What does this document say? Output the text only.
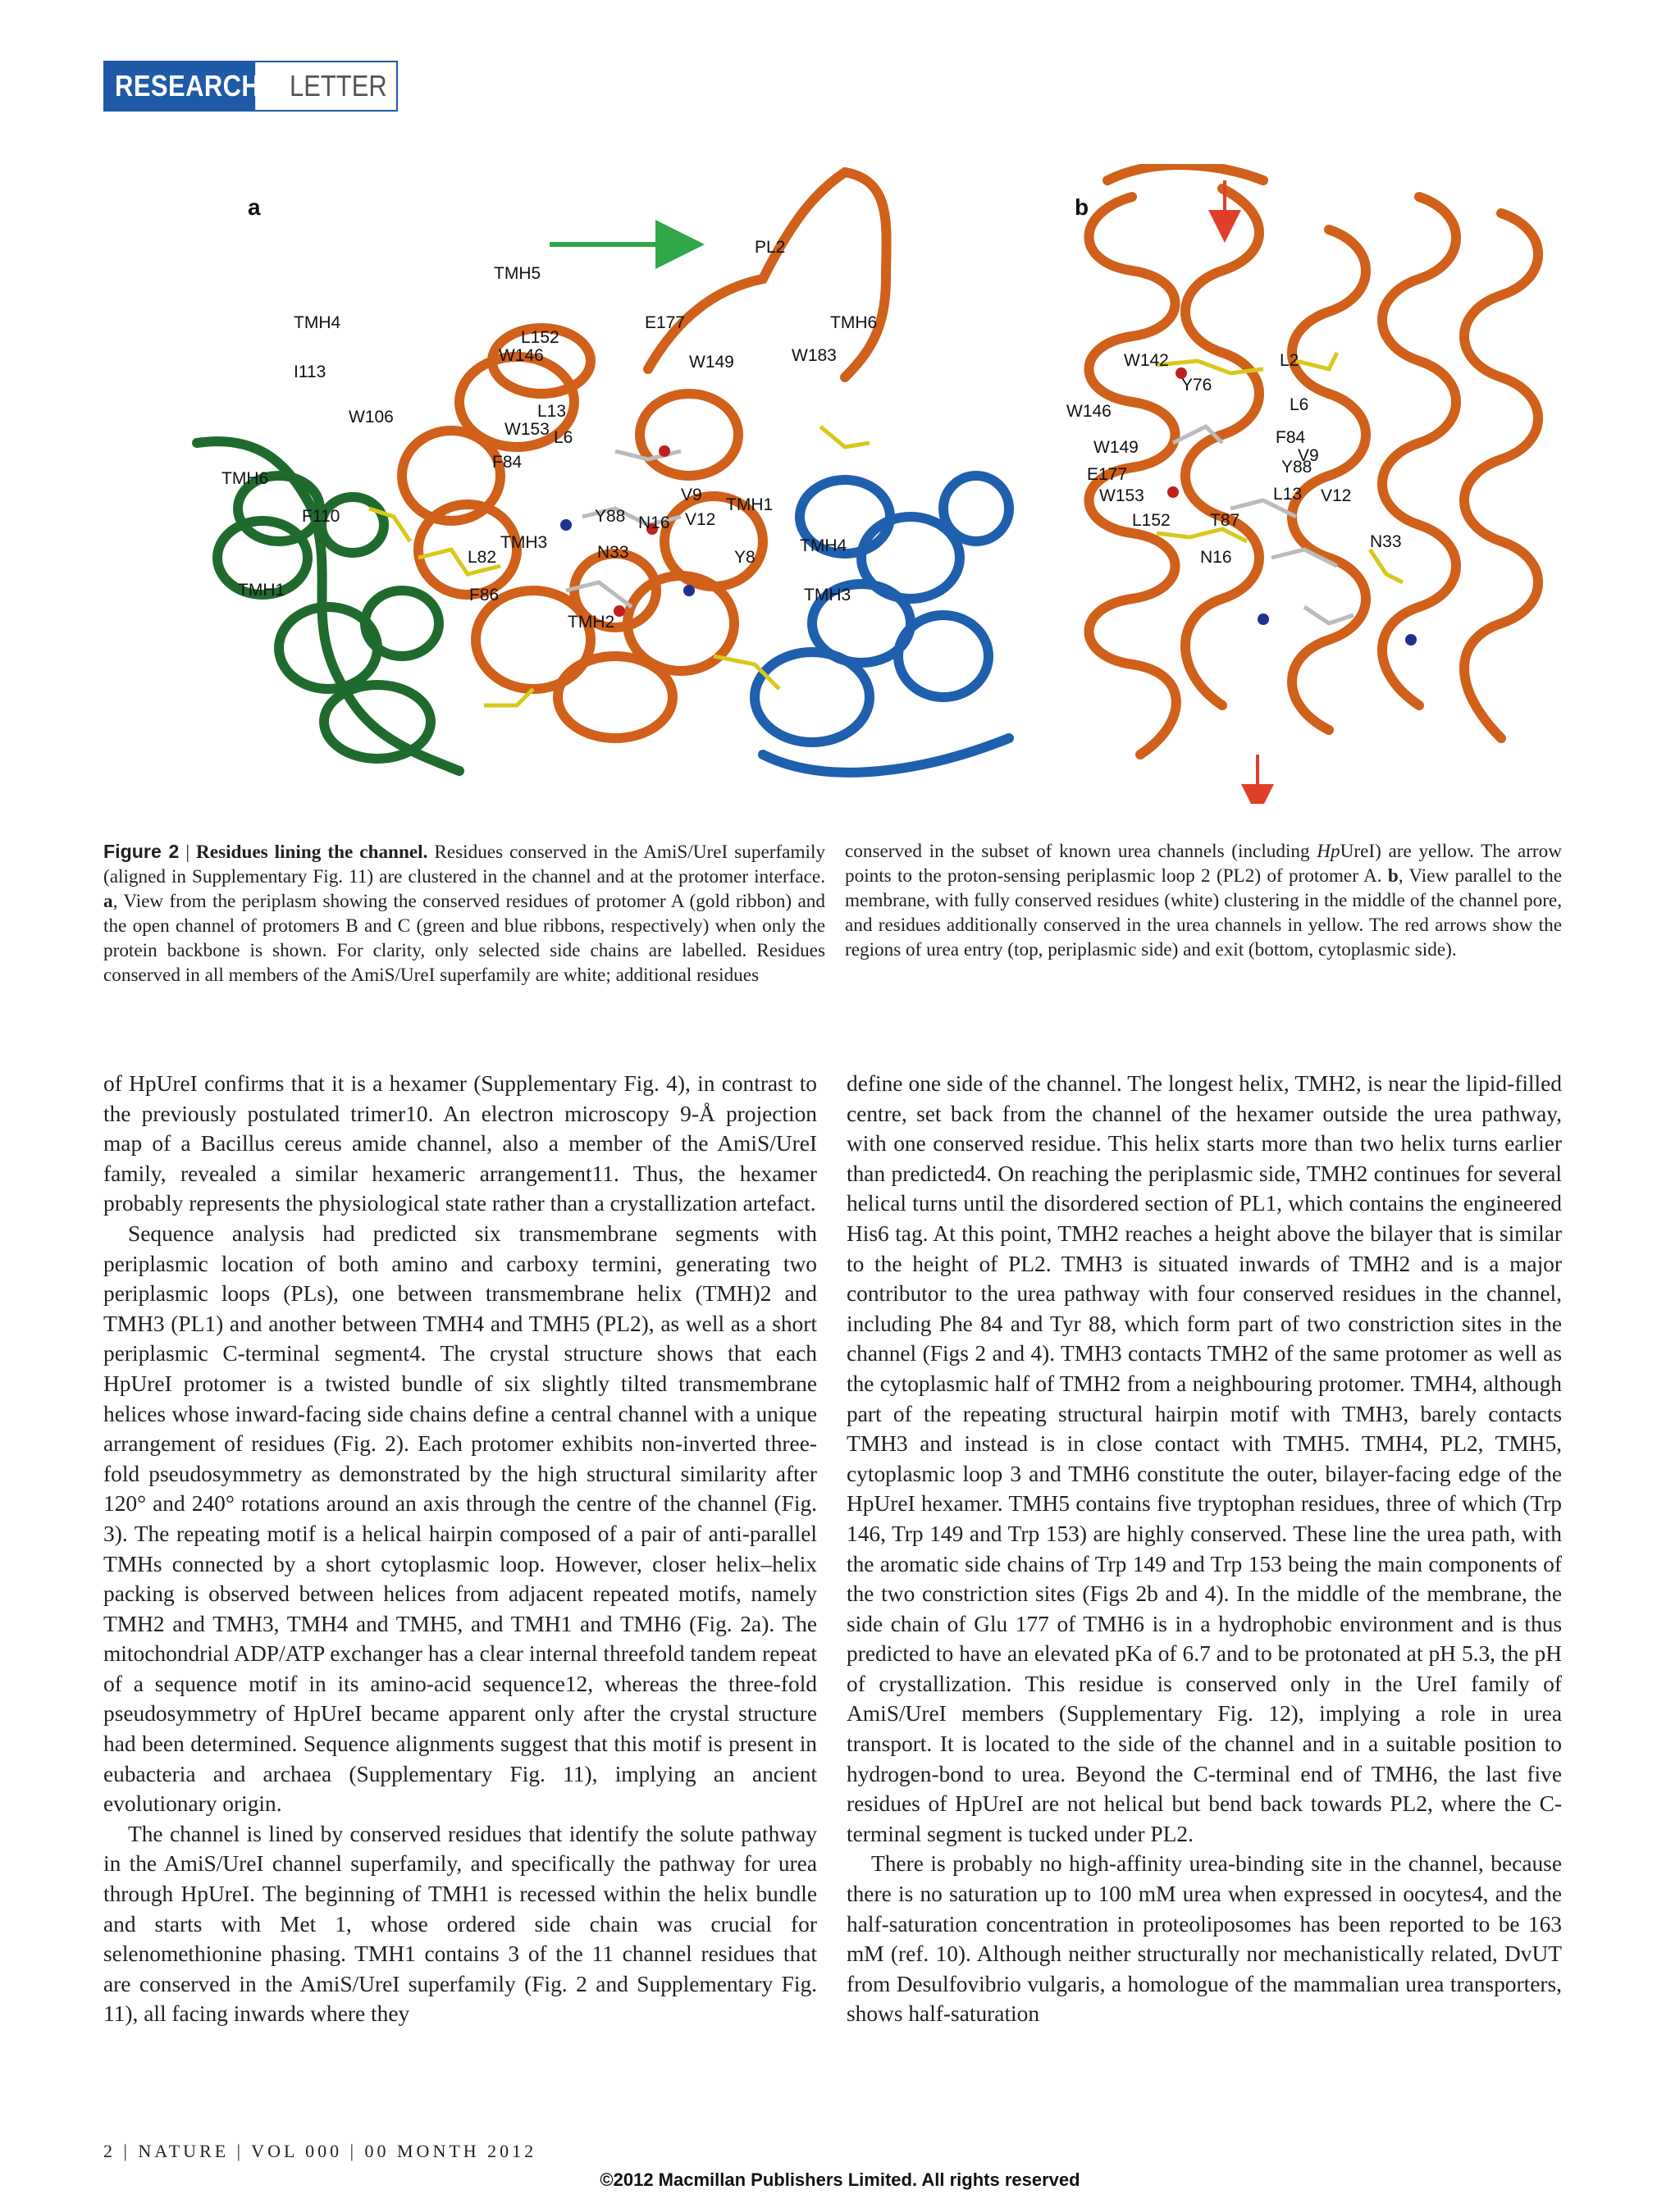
RESEARCH LETTER
a
PL2
TMH5
TMH4	TMH6
TMH6
E177
L152
I113
W146	W183
W149
W106	L13
W153 L6
F84
V9
TMH1
F110	Y88 N16 V12
TMH3
N33	TMH4
L82	Y8
TMH1	F86	TMH3
TMH2
b
W142	L2
Y76
L6
W146
W149
F84
V9
Y88
E177
W153	L13 V12
L152 T87
N33
N16
Figure 2 | Residues lining the channel. Residues conserved in the AmiS/UreI superfamily (aligned in Supplementary Fig. 11) are clustered in the channel and at the protomer interface. a, View from the periplasm showing the conserved residues of protomer A (gold ribbon) and the open channel of protomers B and C (green and blue ribbons, respectively) when only the protein backbone is shown. For clarity, only selected side chains are labelled. Residues conserved in all members of the AmiS/UreI superfamily are white; additional residues
conserved in the subset of known urea channels (including HpUreI) are yellow. The arrow points to the proton-sensing periplasmic loop 2 (PL2) of protomer A. b, View parallel to the membrane, with fully conserved residues (white) clustering in the middle of the channel pore, and residues additionally conserved in the urea channels in yellow. The red arrows show the regions of urea entry (top, periplasmic side) and exit (bottom, cytoplasmic side).

of HpUreI confirms that it is a hexamer (Supplementary Fig. 4), in contrast to the previously postulated trimer10. An electron microscopy 9-Å projection map of a Bacillus cereus amide channel, also a member of the AmiS/UreI family, revealed a similar hexameric arrangement11. Thus, the hexamer probably represents the physiological state rather than a crystallization artefact.

Sequence analysis had predicted six transmembrane segments with periplasmic location of both amino and carboxy termini, generating two periplasmic loops (PLs), one between transmembrane helix (TMH)2 and TMH3 (PL1) and another between TMH4 and TMH5 (PL2), as well as a short periplasmic C-terminal segment4. The crystal structure shows that each HpUreI protomer is a twisted bundle of six slightly tilted transmembrane helices whose inward-facing side chains define a central channel with a unique arrangement of residues (Fig. 2). Each protomer exhibits non-inverted three-fold pseudosymmetry as demonstrated by the high structural similarity after 120° and 240° rotations around an axis through the centre of the channel (Fig. 3). The repeating motif is a helical hairpin composed of a pair of anti-parallel TMHs connected by a short cytoplasmic loop. However, closer helix–helix packing is observed between helices from adjacent repeated motifs, namely TMH2 and TMH3, TMH4 and TMH5, and TMH1 and TMH6 (Fig. 2a). The mitochondrial ADP/ATP exchanger has a clear internal threefold tandem repeat of a sequence motif in its amino-acid sequence12, whereas the three-fold pseudosymmetry of HpUreI became apparent only after the crystal structure had been determined. Sequence alignments suggest that this motif is present in eubacteria and archaea (Supplementary Fig. 11), implying an ancient evolutionary origin.

The channel is lined by conserved residues that identify the solute pathway in the AmiS/UreI channel superfamily, and specifically the pathway for urea through HpUreI. The beginning of TMH1 is recessed within the helix bundle and starts with Met 1, whose ordered side chain was crucial for selenomethionine phasing. TMH1 contains 3 of the 11 channel residues that are conserved in the AmiS/UreI superfamily (Fig. 2 and Supplementary Fig. 11), all facing inwards where they

define one side of the channel. The longest helix, TMH2, is near the lipid-filled centre, set back from the channel of the hexamer outside the urea pathway, with one conserved residue. This helix starts more than two helix turns earlier than predicted4. On reaching the periplasmic side, TMH2 continues for several helical turns until the disordered section of PL1, which contains the engineered His6 tag. At this point, TMH2 reaches a height above the bilayer that is similar to the height of PL2. TMH3 is situated inwards of TMH2 and is a major contributor to the urea pathway with four conserved residues in the channel, including Phe 84 and Tyr 88, which form part of two constriction sites in the channel (Figs 2 and 4). TMH3 contacts TMH2 of the same protomer as well as the cytoplasmic half of TMH2 from a neighbouring protomer. TMH4, although part of the repeating structural hairpin motif with TMH3, barely contacts TMH3 and instead is in close contact with TMH5. TMH4, PL2, TMH5, cytoplasmic loop 3 and TMH6 constitute the outer, bilayer-facing edge of the HpUreI hexamer. TMH5 contains five tryptophan residues, three of which (Trp 146, Trp 149 and Trp 153) are highly conserved. These line the urea path, with the aromatic side chains of Trp 149 and Trp 153 being the main components of the two constriction sites (Figs 2b and 4). In the middle of the membrane, the side chain of Glu 177 of TMH6 is in a hydrophobic environment and is thus predicted to have an elevated pKa of 6.7 and to be protonated at pH 5.3, the pH of crystallization. This residue is conserved only in the UreI family of AmiS/UreI members (Supplementary Fig. 12), implying a role in urea transport. It is located to the side of the channel and in a suitable position to hydrogen-bond to urea. Beyond the C-terminal end of TMH6, the last five residues of HpUreI are not helical but bend back towards PL2, where the C-terminal segment is tucked under PL2.

There is probably no high-affinity urea-binding site in the channel, because there is no saturation up to 100 mM urea when expressed in oocytes4, and the half-saturation concentration in proteoliposomes has been reported to be 163 mM (ref. 10). Although neither structurally nor mechanistically related, DvUT from Desulfovibrio vulgaris, a homologue of the mammalian urea transporters, shows half-saturation

2 | NATURE | VOL 000 | 00 MONTH 2012
©2012 Macmillan Publishers Limited. All rights reserved
